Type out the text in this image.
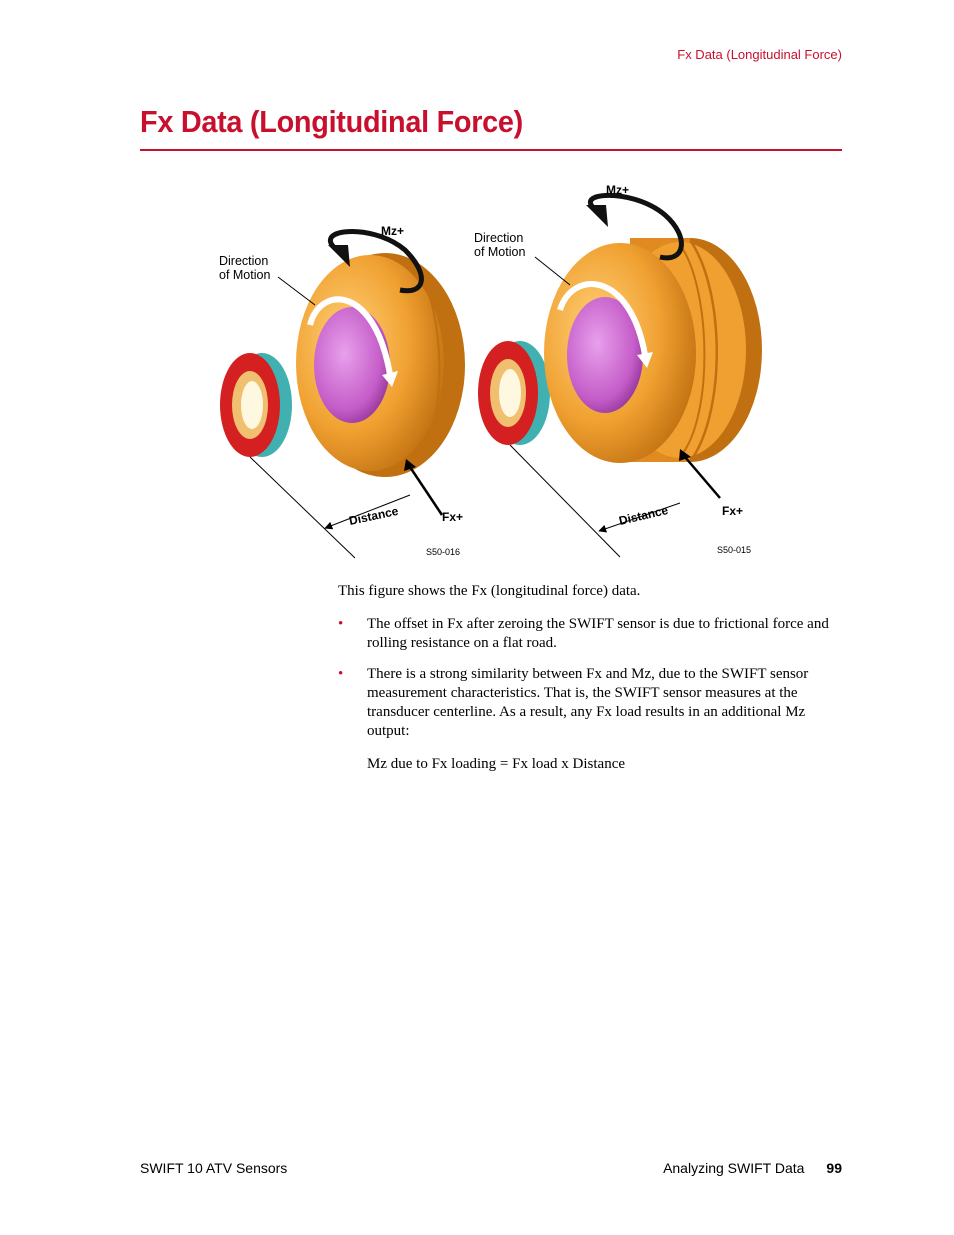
Fx Data (Longitudinal Force)
Fx Data (Longitudinal Force)
Direction
of Motion
Mz+
Fx+
Distance
S50-016
Direction
of Motion
Mz+
Fx+
Distance
S50-015

This figure shows the Fx (longitudinal force) data.

• The offset in Fx after zeroing the SWIFT sensor is due to frictional force and rolling resistance on a flat road.
• There is a strong similarity between Fx and Mz, due to the SWIFT sensor measurement characteristics. That is, the SWIFT sensor measures at the transducer centerline. As a result, any Fx load results in an additional Mz output:

Mz due to Fx loading = Fx load x Distance

SWIFT 10 ATV Sensors	Analyzing SWIFT Data 99
